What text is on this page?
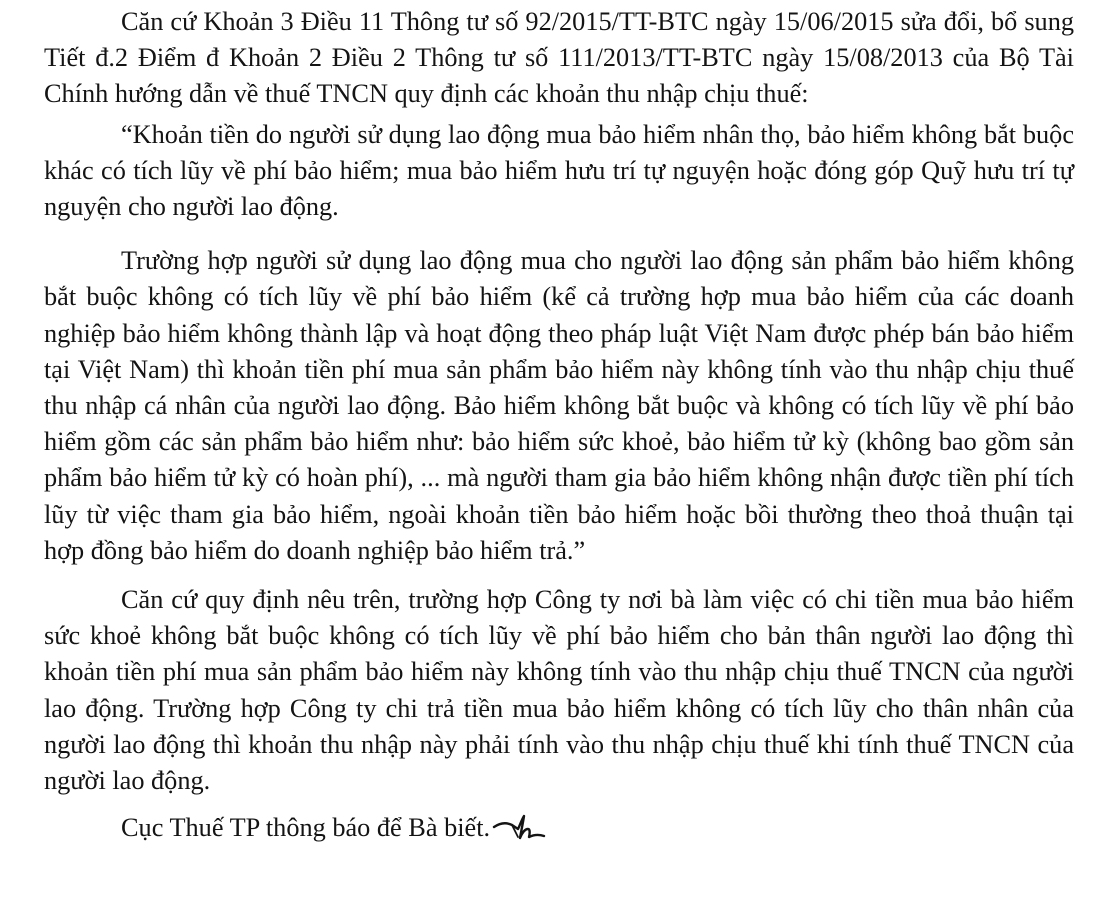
Căn cứ Khoản 3 Điều 11 Thông tư số 92/2015/TT-BTC ngày 15/06/2015 sửa đổi, bổ sung Tiết đ.2 Điểm đ Khoản 2 Điều 2 Thông tư số 111/2013/TT-BTC ngày 15/08/2013 của Bộ Tài Chính hướng dẫn về thuế TNCN quy định các khoản thu nhập chịu thuế:

“Khoản tiền do người sử dụng lao động mua bảo hiểm nhân thọ, bảo hiểm không bắt buộc khác có tích lũy về phí bảo hiểm; mua bảo hiểm hưu trí tự nguyện hoặc đóng góp Quỹ hưu trí tự nguyện cho người lao động.

Trường hợp người sử dụng lao động mua cho người lao động sản phẩm bảo hiểm không bắt buộc không có tích lũy về phí bảo hiểm (kể cả trường hợp mua bảo hiểm của các doanh nghiệp bảo hiểm không thành lập và hoạt động theo pháp luật Việt Nam được phép bán bảo hiểm tại Việt Nam) thì khoản tiền phí mua sản phẩm bảo hiểm này không tính vào thu nhập chịu thuế thu nhập cá nhân của người lao động. Bảo hiểm không bắt buộc và không có tích lũy về phí bảo hiểm gồm các sản phẩm bảo hiểm như: bảo hiểm sức khoẻ, bảo hiểm tử kỳ (không bao gồm sản phẩm bảo hiểm tử kỳ có hoàn phí), ... mà người tham gia bảo hiểm không nhận được tiền phí tích lũy từ việc tham gia bảo hiểm, ngoài khoản tiền bảo hiểm hoặc bồi thường theo thoả thuận tại hợp đồng bảo hiểm do doanh nghiệp bảo hiểm trả.”

Căn cứ quy định nêu trên, trường hợp Công ty nơi bà làm việc có chi tiền mua bảo hiểm sức khoẻ không bắt buộc không có tích lũy về phí bảo hiểm cho bản thân người lao động thì khoản tiền phí mua sản phẩm bảo hiểm này không tính vào thu nhập chịu thuế TNCN của người lao động. Trường hợp Công ty chi trả tiền mua bảo hiểm không có tích lũy cho thân nhân của người lao động thì khoản thu nhập này phải tính vào thu nhập chịu thuế khi tính thuế TNCN của người lao động.

Cục Thuế TP thông báo để Bà biết.
